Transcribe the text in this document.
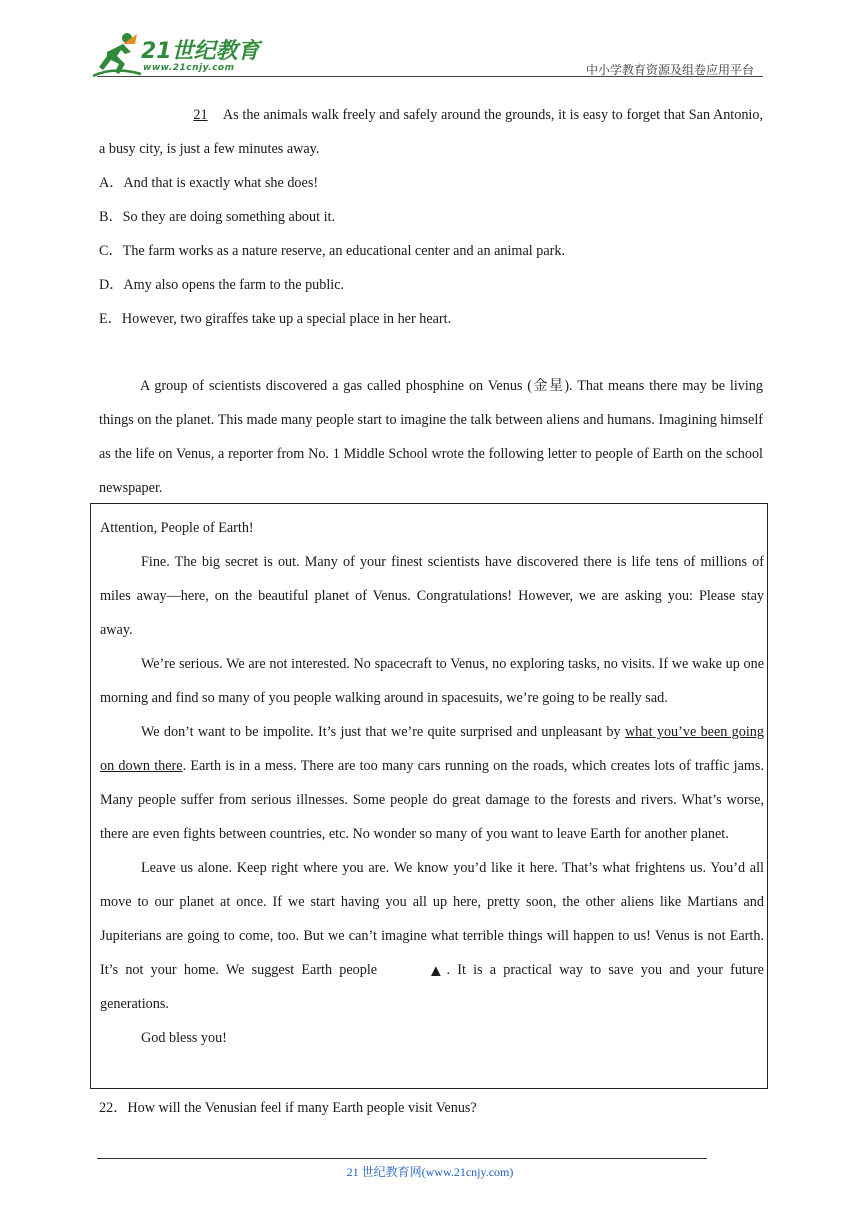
21世纪教育
www.21cnjy.com	中小学教育资源及组卷应用平台

21 As the animals walk freely and safely around the grounds, it is easy to forget that San Antonio, a busy city, is just a few minutes away.

A．And that is exactly what she does!

B．So they are doing something about it.

C．The farm works as a nature reserve, an educational center and an animal park.

D．Amy also opens the farm to the public.

E．However, two giraffes take up a special place in her heart.

A group of scientists discovered a gas called phosphine on Venus (金星). That means there may be living things on the planet. This made many people start to imagine the talk between aliens and humans. Imagining himself as the life on Venus, a reporter from No. 1 Middle School wrote the following letter to people of Earth on the school newspaper.

Attention, People of Earth!

Fine. The big secret is out. Many of your finest scientists have discovered there is life tens of millions of miles away—here, on the beautiful planet of Venus. Congratulations! However, we are asking you: Please stay away.

We’re serious. We are not interested. No spacecraft to Venus, no exploring tasks, no visits. If we wake up one morning and find so many of you people walking around in spacesuits, we’re going to be really sad.

We don’t want to be impolite. It’s just that we’re quite surprised and unpleasant by what you’ve been going on down there. Earth is in a mess. There are too many cars running on the roads, which creates lots of traffic jams. Many people suffer from serious illnesses. Some people do great damage to the forests and rivers. What’s worse, there are even fights between countries, etc. No wonder so many of you want to leave Earth for another planet.

Leave us alone. Keep right where you are. We know you’d like it here. That’s what frightens us. You’d all move to our planet at once. If we start having you all up here, pretty soon, the other aliens like Martians and Jupiterians are going to come, too. But we can’t imagine what terrible things will happen to us! Venus is not Earth. It’s not your home. We suggest Earth people	▲ . It is a practical way to save you and your future generations.

God bless you!

22．How will the Venusian feel if many Earth people visit Venus?
21 世纪教育网(www.21cnjy.com)
